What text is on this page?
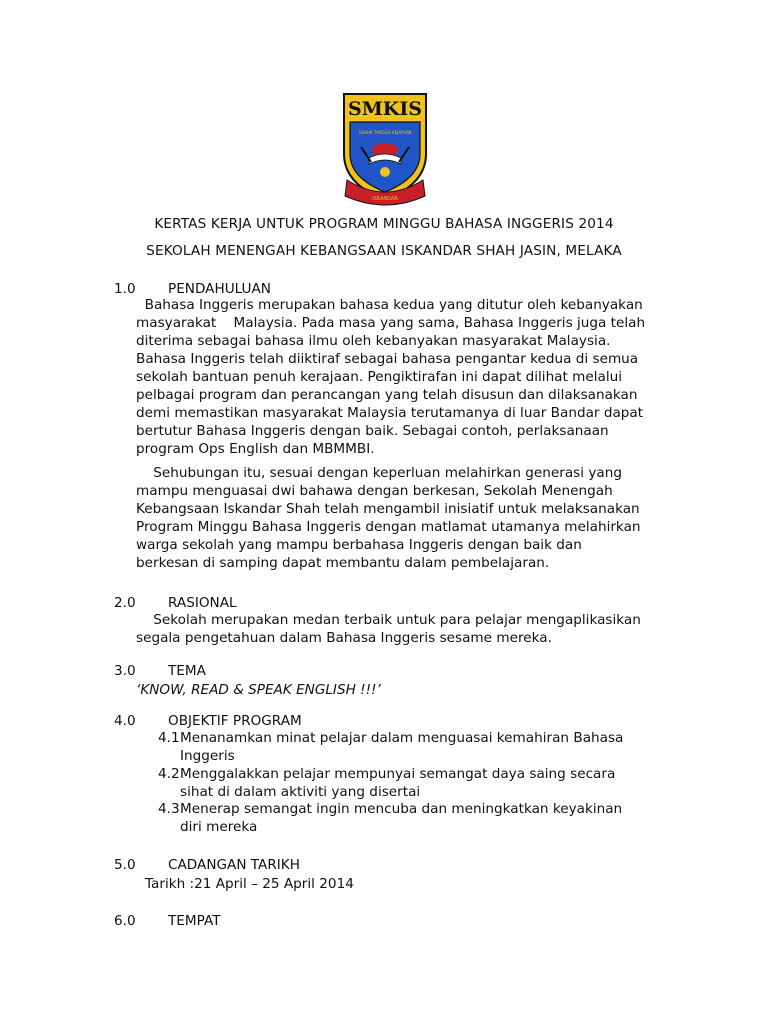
SMKIS
USAHA TANGGA KEJAYAAN
ISKANDAR
KERTAS KERJA UNTUK PROGRAM MINGGU BAHASA INGGERIS 2014
SEKOLAH MENENGAH KEBANGSAAN ISKANDAR SHAH JASIN, MELAKA
1.0 PENDAHULUAN

Bahasa Inggeris merupakan bahasa kedua yang ditutur oleh kebanyakan

masyarakat    Malaysia. Pada masa yang sama, Bahasa Inggeris juga telah

diterima sebagai bahasa ilmu oleh kebanyakan masyarakat Malaysia.

Bahasa Inggeris telah diiktiraf sebagai bahasa pengantar kedua di semua

sekolah bantuan penuh kerajaan. Pengiktirafan ini dapat dilihat melalui

pelbagai program dan perancangan yang telah disusun dan dilaksanakan

demi memastikan masyarakat Malaysia terutamanya di luar Bandar dapat

bertutur Bahasa Inggeris dengan baik. Sebagai contoh, perlaksanaan

program Ops English dan MBMMBI.

Sehubungan itu, sesuai dengan keperluan melahirkan generasi yang

mampu menguasai dwi bahawa dengan berkesan, Sekolah Menengah

Kebangsaan Iskandar Shah telah mengambil inisiatif untuk melaksanakan

Program Minggu Bahasa Inggeris dengan matlamat utamanya melahirkan

warga sekolah yang mampu berbahasa Inggeris dengan baik dan

berkesan di samping dapat membantu dalam pembelajaran.

2.0 RASIONAL

Sekolah merupakan medan terbaik untuk para pelajar mengaplikasikan

segala pengetahuan dalam Bahasa Inggeris sesame mereka.

3.0 TEMA
‘KNOW, READ & SPEAK ENGLISH !!!’
4.0 OBJEKTIF PROGRAM
4.1 Menanamkan minat pelajar dalam menguasai kemahiran Bahasa
Inggeris
4.2 Menggalakkan pelajar mempunyai semangat daya saing secara
sihat di dalam aktiviti yang disertai
4.3 Menerap semangat ingin mencuba dan meningkatkan keyakinan
diri mereka
5.0 CADANGAN TARIKH
Tarikh :21 April – 25 April 2014
6.0 TEMPAT
